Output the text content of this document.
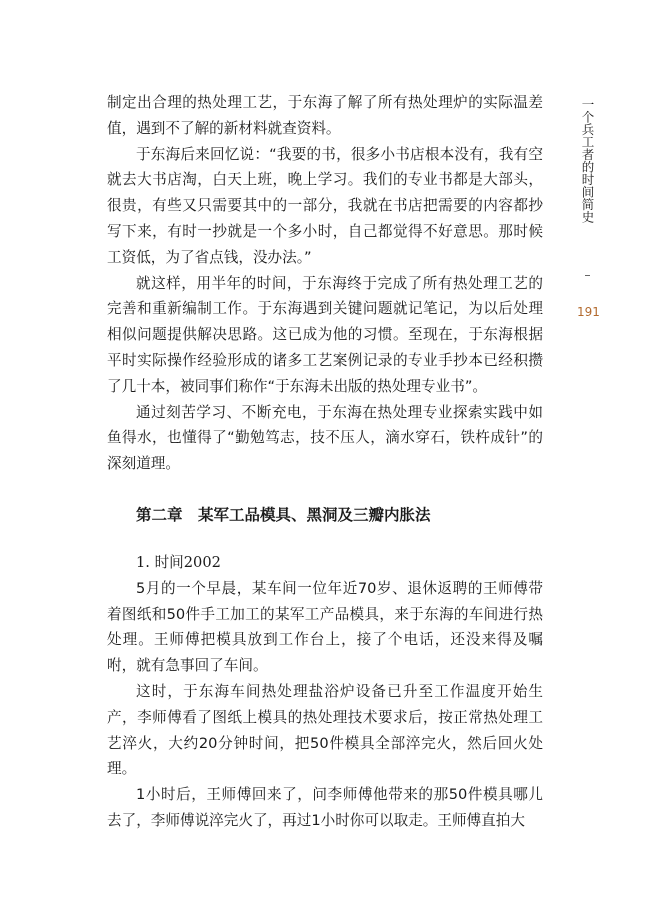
一个兵工者的时间简史
191

制定出合理的热处理工艺，于东海了解了所有热处理炉的实际温差值，遇到不了解的新材料就查资料。

于东海后来回忆说：“我要的书，很多小书店根本没有，我有空就去大书店淘，白天上班，晚上学习。我们的专业书都是大部头，很贵，有些又只需要其中的一部分，我就在书店把需要的内容都抄写下来，有时一抄就是一个多小时，自己都觉得不好意思。那时候工资低，为了省点钱，没办法。”

就这样，用半年的时间，于东海终于完成了所有热处理工艺的完善和重新编制工作。于东海遇到关键问题就记笔记，为以后处理相似问题提供解决思路。这已成为他的习惯。至现在，于东海根据平时实际操作经验形成的诸多工艺案例记录的专业手抄本已经积攒了几十本，被同事们称作“于东海未出版的热处理专业书”。

通过刻苦学习、不断充电，于东海在热处理专业探索实践中如鱼得水，也懂得了“勤勉笃志，技不压人，滴水穿石，铁杵成针”的深刻道理。

第二章　某军工品模具、黑洞及三瓣内胀法

1. 时间2002

5月的一个早晨，某车间一位年近70岁、退休返聘的王师傅带着图纸和50件手工加工的某军工产品模具，来于东海的车间进行热处理。王师傅把模具放到工作台上，接了个电话，还没来得及嘱咐，就有急事回了车间。

这时，于东海车间热处理盐浴炉设备已升至工作温度开始生产，李师傅看了图纸上模具的热处理技术要求后，按正常热处理工艺淬火，大约20分钟时间，把50件模具全部淬完火，然后回火处理。

1小时后，王师傅回来了，问李师傅他带来的那50件模具哪儿去了，李师傅说淬完火了，再过1小时你可以取走。王师傅直拍大
